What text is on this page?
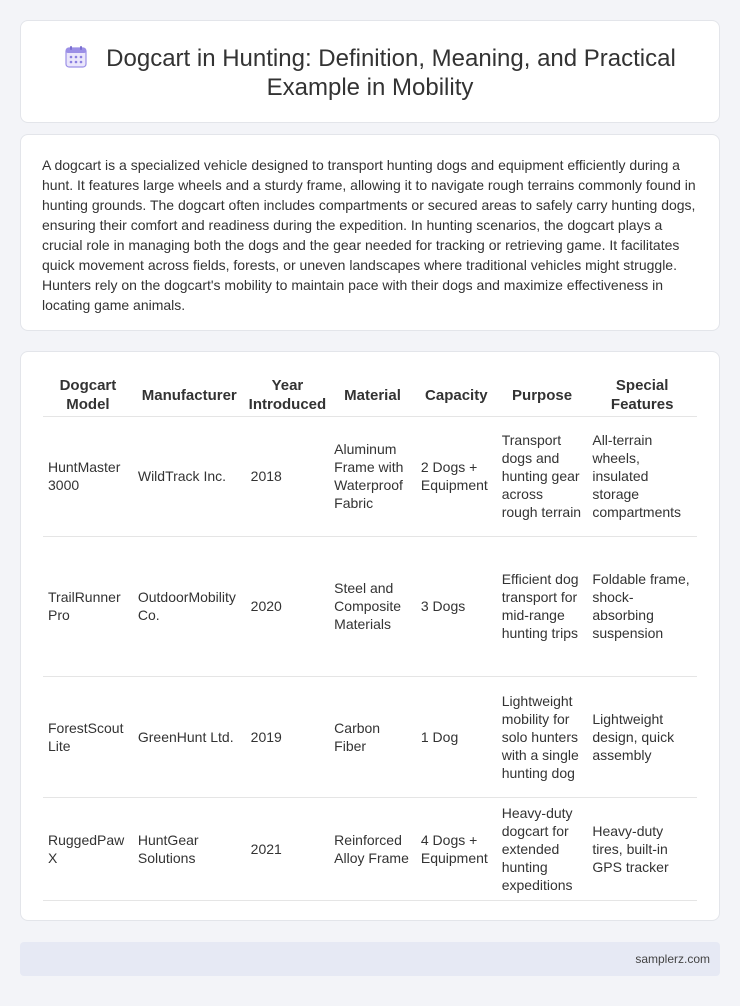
Dogcart in Hunting: Definition, Meaning, and Practical Example in Mobility

A dogcart is a specialized vehicle designed to transport hunting dogs and equipment efficiently during a hunt. It features large wheels and a sturdy frame, allowing it to navigate rough terrains commonly found in hunting grounds. The dogcart often includes compartments or secured areas to safely carry hunting dogs, ensuring their comfort and readiness during the expedition. In hunting scenarios, the dogcart plays a crucial role in managing both the dogs and the gear needed for tracking or retrieving game. It facilitates quick movement across fields, forests, or uneven landscapes where traditional vehicles might struggle. Hunters rely on the dogcart's mobility to maintain pace with their dogs and maximize effectiveness in locating game animals.

Dogcart Model	Manufacturer	Year Introduced	Material	Capacity	Purpose	Special Features
HuntMaster 3000	WildTrack Inc.	2018	Aluminum Frame with Waterproof Fabric	2 Dogs + Equipment	Transport dogs and hunting gear across rough terrain	All-terrain wheels, insulated storage compartments
TrailRunner Pro	OutdoorMobility Co.	2020	Steel and Composite Materials	3 Dogs	Efficient dog transport for mid-range hunting trips	Foldable frame, shock-absorbing suspension
ForestScout Lite	GreenHunt Ltd.	2019	Carbon Fiber	1 Dog	Lightweight mobility for solo hunters with a single hunting dog	Lightweight design, quick assembly
RuggedPaw X	HuntGear Solutions	2021	Reinforced Alloy Frame	4 Dogs + Equipment	Heavy-duty dogcart for extended hunting expeditions	Heavy-duty tires, built-in GPS tracker
samplerz.com
